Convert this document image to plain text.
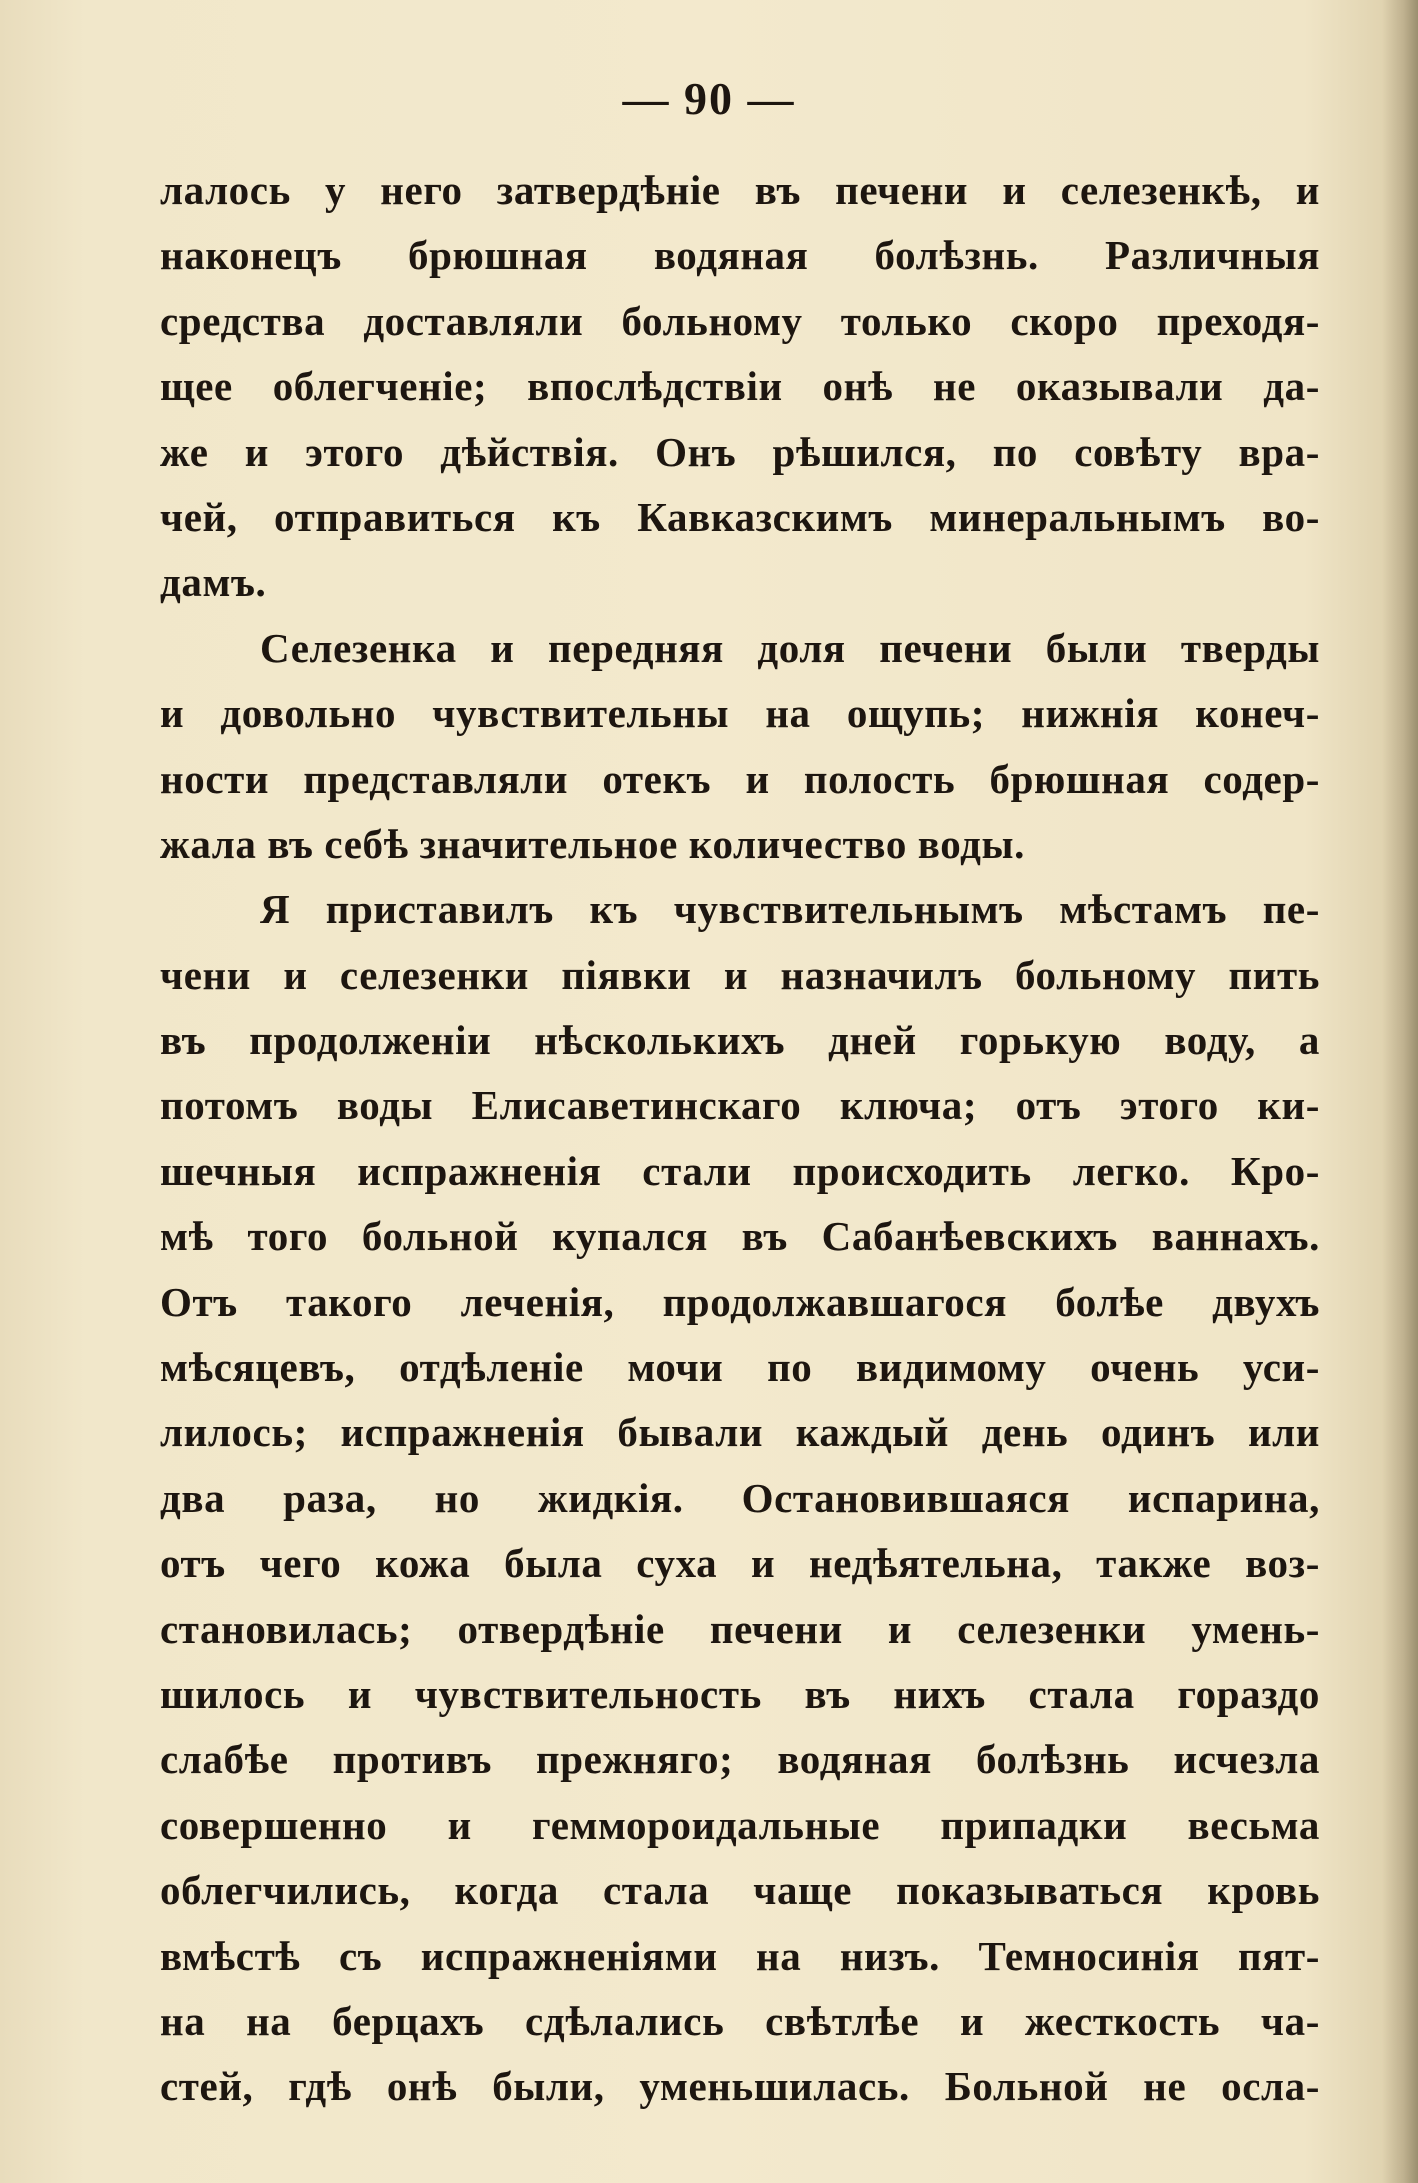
— 90 —
лалось у него затвердѣніе въ печени и селезенкѣ, и
наконецъ брюшная водяная болѣзнь. Различныя
средства доставляли больному только скоро преходя-
щее облегченіе; впослѣдствіи онѣ не оказывали да-
же и этого дѣйствія. Онъ рѣшился, по совѣту вра-
чей, отправиться къ Кавказскимъ минеральнымъ во-
дамъ.
Селезенка и передняя доля печени были тверды
и довольно чувствительны на ощупь; нижнія конеч-
ности представляли отекъ и полость брюшная содер-
жала въ себѣ значительное количество воды.
Я приставилъ къ чувствительнымъ мѣстамъ пе-
чени и селезенки піявки и назначилъ больному пить
въ продолженіи нѣсколькихъ дней горькую воду, а
потомъ воды Елисаветинскаго ключа; отъ этого ки-
шечныя испражненія стали происходить легко. Кро-
мѣ того больной купался въ Сабанѣевскихъ ваннахъ.
Отъ такого леченія, продолжавшагося болѣе двухъ
мѣсяцевъ, отдѣленіе мочи по видимому очень уси-
лилось; испражненія бывали каждый день одинъ или
два раза, но жидкія. Остановившаяся испарина,
отъ чего кожа была суха и недѣятельна, также воз-
становилась; отвердѣніе печени и селезенки умень-
шилось и чувствительность въ нихъ стала гораздо
слабѣе противъ прежняго; водяная болѣзнь исчезла
совершенно и геммороидальные припадки весьма
облегчились, когда стала чаще показываться кровь
вмѣстѣ съ испражненіями на низъ. Темносинія пят-
на на берцахъ сдѣлались свѣтлѣе и жесткость ча-
стей, гдѣ онѣ были, уменьшилась. Больной не осла-
